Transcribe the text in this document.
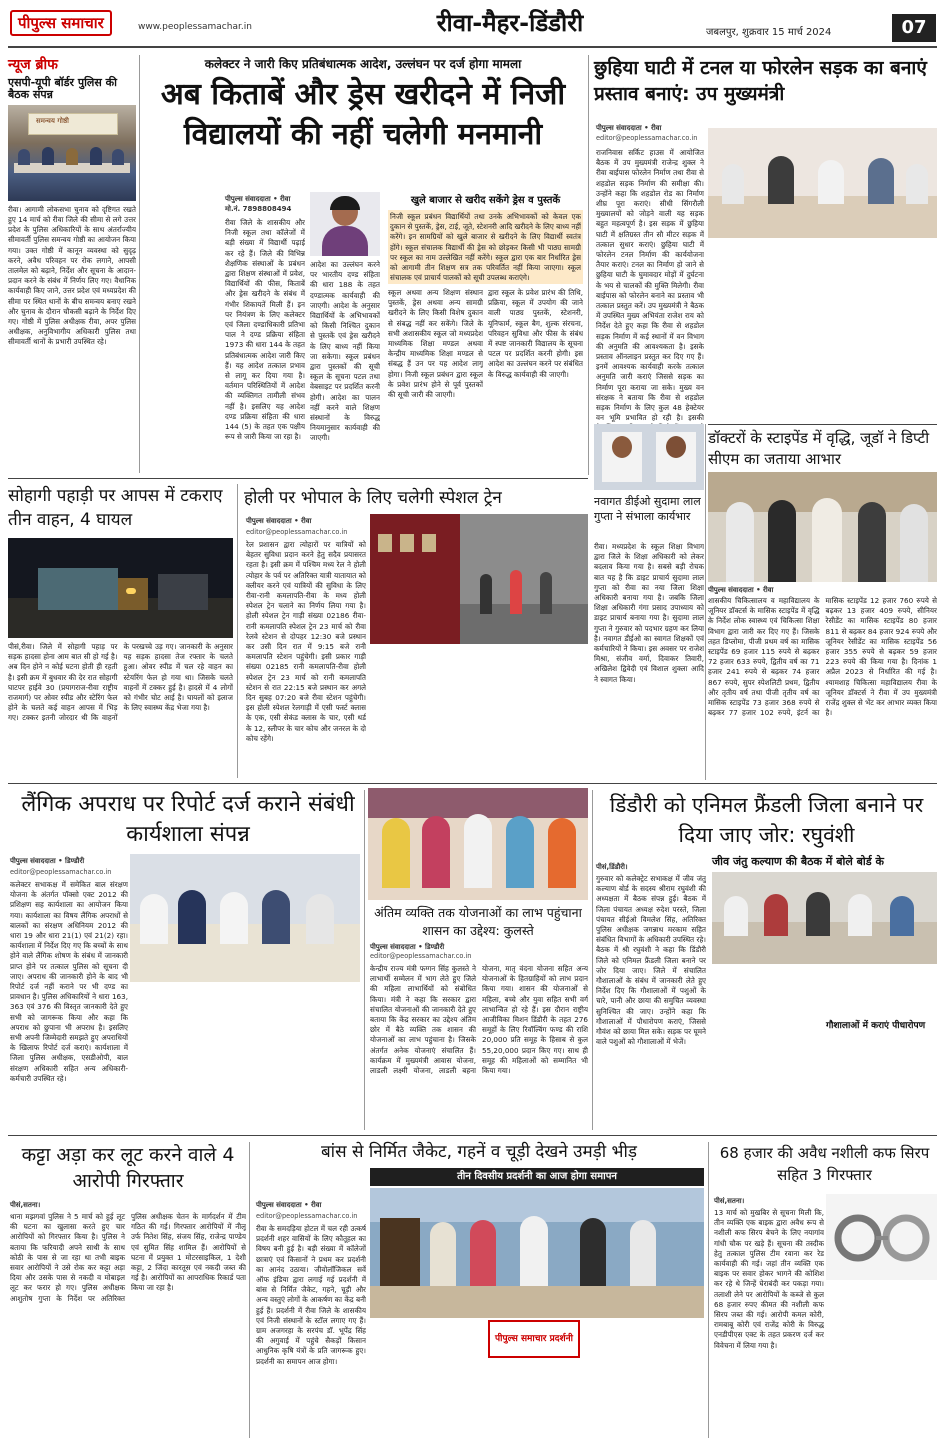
पीपुल्स समाचार	www.peoplessamachar.in	रीवा-मैहर-डिंडौरी	जबलपुर, शुक्रवार 15 मार्च 2024	07
न्यूज ब्रीफ
एसपी-यूपी बॉर्डर पुलिस की बैठक संपन्न
समन्वय गोष्ठी
रीवा। आगामी लोकसभा चुनाव को दृष्टिगत रखते हुए 14 मार्च को रीवा जिले की सीमा से लगे उत्तर प्रदेश के पुलिस अधिकारियों के साथ अंतर्राज्यीय सीमावर्ती पुलिस समन्वय गोष्ठी का आयोजन किया गया। उक्त गोष्ठी में कानून व्यवस्था को सुदृढ़ करने, अवैध परिवहन पर रोक लगाने, आपसी तालमेल को बढ़ाने, निर्देश और सूचना के आदान-प्रदान करने के संबंध में निर्णय लिए गए। वैधानिक कार्यवाही किए जाने, उत्तर प्रदेश एवं मध्यप्रदेश की सीमा पर स्थित थानों के बीच समन्वय बनाए रखने और चुनाव के दौरान चौकसी बढ़ाने के निर्देश दिए गए। गोष्ठी में पुलिस अधीक्षक रीवा, अपर पुलिस अधीक्षक, अनुविभागीय अधिकारी पुलिस तथा सीमावर्ती थानों के प्रभारी उपस्थित रहे।
कलेक्टर ने जारी किए प्रतिबंधात्मक आदेश, उल्लंघन पर दर्ज होगा मामला
अब किताबें और ड्रेस खरीदने में निजी विद्यालयों की नहीं चलेगी मनमानी
पीपुल्स संवाददाता • रीवा
मो.नं. 7898808494
रीवा जिले के शासकीय और निजी स्कूल तथा कॉलेजों में बड़ी संख्या में विद्यार्थी पढ़ाई कर रहे हैं। जिले की विभिन्न शैक्षणिक संस्थाओं के प्रबंधन द्वारा शिक्षण संस्थाओं में प्रवेश, विद्यार्थियों की फीस, किताबें और ड्रेस खरीदने के संबंध में गंभीर शिकायतें मिली हैं। इन पर नियंत्रण के लिए कलेक्टर एवं जिला दण्डाधिकारी प्रतिभा पाल ने दण्ड प्रक्रिया संहिता 1973 की धारा 144 के तहत प्रतिबंधात्मक आदेश जारी किए हैं। यह आदेश तत्काल प्रभाव से लागू कर दिया गया है। वर्तमान परिस्थितियों में आदेश की व्यक्तिगत तामीली संभव नहीं है। इसलिए यह आदेश दण्ड प्रक्रिया संहिता की धारा 144 (5) के तहत एक पक्षीय रूप से जारी किया जा रहा है।
आदेश का उल्लंघन करने पर भारतीय दण्ड संहिता की धारा 188 के तहत दण्डात्मक कार्यवाही की जाएगी। आदेश के अनुसार विद्यार्थियों के अभिभावकों को किसी निश्चित दुकान से पुस्तकें एवं ड्रेस खरीदने के लिए बाध्य नहीं किया जा सकेगा। स्कूल प्रबंधन द्वारा पुस्तकों की सूची स्कूल के सूचना पटल तथा वेबसाइट पर प्रदर्शित करनी होगी। आदेश का पालन नहीं करने वाले शिक्षण संस्थानों के विरुद्ध नियमानुसार कार्यवाही की जाएगी।
खुले बाजार से खरीद सकेंगे ड्रेस व पुस्तकें
निजी स्कूल प्रबंधन विद्यार्थियों तथा उनके अभिभावकों को केवल एक दुकान से पुस्तकें, ड्रेस, टाई, जूते, स्टेशनरी आदि खरीदने के लिए बाध्य नहीं करेंगे। इन सामग्रियों को खुले बाजार से खरीदने के लिए विद्यार्थी स्वतंत्र होंगे। स्कूल संचालक विद्यार्थी की ड्रेस को छोड़कर किसी भी पाठ्य सामग्री पर स्कूल का नाम उल्लेखित नहीं करेंगे। स्कूल द्वारा एक बार निर्धारित ड्रेस को आगामी तीन शिक्षण सत्र तक परिवर्तित नहीं किया जाएगा। स्कूल संचालक एवं प्राचार्य पालकों को सूची उपलब्ध कराएंगे।
स्कूल अथवा अन्य शिक्षण संस्थान पुस्तकें, ड्रेस अथवा अन्य सामग्री खरीदने के लिए किसी विशेष दुकान से संबद्ध नहीं कर सकेंगे। जिले के सभी अशासकीय स्कूल जो मध्यप्रदेश माध्यमिक शिक्षा मण्डल अथवा केन्द्रीय माध्यमिक शिक्षा मण्डल से संबद्ध हैं उन पर यह आदेश लागू होगा। निजी स्कूल प्रबंधन द्वारा स्कूल के प्रवेश प्रारंभ होने से पूर्व पुस्तकों की सूची जारी की जाएगी।
द्वारा स्कूल के प्रवेश प्रारंभ की तिथि, प्रक्रिया, स्कूल में उपयोग की जाने वाली पाठ्य पुस्तकें, स्टेशनरी, यूनिफार्म, स्कूल बैग, शुल्क संरचना, परिवहन सुविधा और फीस के संबंध में स्पष्ट जानकारी विद्यालय के सूचना पटल पर प्रदर्शित करनी होगी। इस आदेश का उल्लंघन करने पर संबंधित के विरुद्ध कार्यवाही की जाएगी।
छुहिया घाटी में टनल या फोरलेन सड़क का बनाएं प्रस्ताव बनाएं: उप मुख्यमंत्री
पीपुल्स संवाददाता • रीवा
editor@peoplessamachar.co.in
राजनिवास सर्किट हाउस में आयोजित बैठक में उप मुख्यमंत्री राजेन्द्र शुक्ल ने रीवा बाईपास फोरलेन निर्माण तथा रीवा से शहडोल सड़क निर्माण की समीक्षा की। उन्होंने कहा कि शहडोल रोड का निर्माण शीघ्र पूरा कराएं। सीधी सिंगरौली मुख्यालयों को जोड़ने वाली यह सड़क बहुत महत्वपूर्ण है। इस सड़क में छुहिया घाटी में क्षतिग्रस्त तीन सौ मीटर सड़क में तत्काल सुधार कराएं। छुहिया घाटी में फोरलेन टनल निर्माण की कार्ययोजना तैयार कराएं। टनल का निर्माण हो जाने से छुहिया घाटी के घुमावदार मोड़ों में दुर्घटना के भय से चालकों की मुक्ति मिलेगी। रीवा बाईपास को फोरलेन बनाने का प्रस्ताव भी तत्काल प्रस्तुत करें। उप मुख्यमंत्री ने बैठक में उपस्थित मुख्य अभियंता राजेश राय को निर्देश देते हुए कहा कि रीवा से शहडोल सड़क निर्माण में कई स्थानों में वन विभाग की अनुमति की आवश्यकता है। इसके प्रस्ताव ऑनलाइन प्रस्तुत कर दिए गए हैं। इनमें आवश्यक कार्यवाही करके तत्काल अनुमति जारी कराएं जिससे सड़क का निर्माण पूरा कराया जा सके। मुख्य वन संरक्षक ने बताया कि रीवा से शहडोल सड़क निर्माण के लिए कुल 48 हेक्टेयर वन भूमि प्रभावित हो रही है। इसकी
डॉक्टरों के स्टाइपेंड में वृद्धि, जूडॉ ने डिप्टी सीएम का जताया आभार
पीपुल्स संवाददाता • रीवा
शासकीय चिकित्सालय व महाविद्यालय के जूनियर डॉक्टर्स के मासिक स्टाइपेंड में वृद्धि के निर्देश लोक स्वास्थ्य एवं चिकित्सा शिक्षा विभाग द्वारा जारी कर दिए गए हैं। जिसके तहत डिप्लोमा, पीजी प्रथम वर्ष का मासिक स्टाइपेंड 69 हजार 115 रुपये से बढ़कर 72 हजार 633 रुपये, द्वितीय वर्ष का 71 हजार 241 रुपये से बढ़कर 74 हजार 867 रुपये, सुपर स्पेशलिटी प्रथम, द्वितीय और तृतीय वर्ष तथा पीजी तृतीय वर्ष का मासिक स्टाइपेंड 73 हजार 368 रुपये से बढ़कर 77 हजार 102 रुपये, इंटर्न का मासिक स्टाइपेंड 12 हजार 760 रुपये से बढ़कर 13 हजार 409 रुपये, सीनियर रेसीडेंट का मासिक स्टाइपेंड 80 हजार 811 से बढ़कर 84 हजार 924 रुपये और जूनियर रेसीडेंट का मासिक स्टाइपेंड 56 हजार 355 रुपये से बढ़कर 59 हजार 223 रुपये की किया गया है। दिनांक 1 अप्रैल 2023 से निर्धारित की गई है। श्यामशाह चिकित्सा महाविद्यालय रीवा के जूनियर डॉक्टर्स ने रीवा में उप मुख्यमंत्री राजेंद्र शुक्ल से भेंट कर आभार व्यक्त किया है।
नवागत डीईओ सुदामा लाल गुप्ता ने संभाला कार्यभार
रीवा। मध्यप्रदेश के स्कूल शिक्षा विभाग द्वारा जिले के शिक्षा अधिकारी को लेकर बदलाव किया गया है। सबसे बड़ी रोचक बात यह है कि डाइट प्राचार्य सुदामा लाल गुप्ता को रीवा का नया जिला शिक्षा अधिकारी बनाया गया है। जबकि जिला शिक्षा अधिकारी गंगा प्रसाद उपाध्याय को डाइट प्राचार्य बनाया गया है। सुदामा लाल गुप्ता ने गुरुवार को पदभार ग्रहण कर लिया है। नवागत डीईओ का स्वागत शिक्षकों एवं कर्मचारियों ने किया। इस अवसर पर राजेश मिश्रा, संजीव वर्मा, दिवाकर तिवारी, अखिलेश द्विवेदी एवं विशाल शुक्ला आदि ने स्वागत किया।
सोहागी पहाड़ी पर आपस में टकराए तीन वाहन, 4 घायल
पीसं,रीवा। जिले में सोहागी पहाड़ पर सड़क हादसा होना आम बात सी हो गई है। अब दिन होने न कोई घटना होती ही रहती है। इसी क्रम में बुधवार की देर रात सोहागी घाटपर हाईवे 30 (प्रयागराज-रीवा राष्ट्रीय राजमार्ग) पर ओवर स्पीड और स्टेरिंग फेल होने के चलते कई वाहन आपस में भिड़ गए। टक्कर इतनी जोरदार थी कि वाहनों के परखच्चे उड़ गए। जानकारी के अनुसार यह सड़क हादसा तेज रफ्तार के चलते हुआ। ओवर स्पीड में चल रहे वाहन का स्टेयरिंग फेल हो गया था। जिसके चलते वाहनों में टक्कर हुई है। हादसे में 4 लोगों को गंभीर चोट आई है। घायलों को इलाज के लिए स्वास्थ्य केंद्र भेजा गया है।
होली पर भोपाल के लिए चलेगी स्पेशल ट्रेन
पीपुल्स संवाददाता • रीवा
editor@peoplessamachar.co.in
रेल प्रशासन द्वारा त्योहारों पर यात्रियों को बेहतर सुविधा प्रदान करने हेतु सदैव प्रयासरत रहता है। इसी क्रम में पश्चिम मध्य रेल ने होली त्योहार के पर्व पर अतिरिक्त यात्री यातायात को क्लीयर करने एवं यात्रियों की सुविधा के लिए रीवा-रानी कमलापति-रीवा के मध्य होली स्पेशल ट्रेन चलाने का निर्णय लिया गया है। होली स्पेशल ट्रेन गाड़ी संख्या 02186 रीवा-रानी कमलापति स्पेशल ट्रेन 23 मार्च को रीवा रेलवे स्टेशन से दोपहर 12:30 बजे प्रस्थान कर उसी दिन रात में 9:15 बजे रानी कमलापति स्टेशन पहुंचेगी। इसी प्रकार गाड़ी संख्या 02185 रानी कमलापति-रीवा होली स्पेशल ट्रेन 23 मार्च को रानी कमलापति स्टेशन से रात 22:15 बजे प्रस्थान कर अगले दिन सुबह 07:20 बजे रीवा स्टेशन पहुंचेगी। इस होली स्पेशल रेलगाड़ी में एसी फर्स्ट क्लास के एक, एसी सेकंड क्लास के चार, एसी थर्ड के 12, स्लीपर के चार कोच और जनरल के दो कोच रहेंगे।
लैंगिक अपराध पर रिपोर्ट दर्ज कराने संबंधी कार्यशाला संपन्न
पीपुल्स संवाददाता • डिण्डौरी
editor@peoplessamachar.co.in
कलेक्टर सभाकक्ष में समेकित बाल संरक्षण योजना के अंतर्गत पॉक्सो एक्ट 2012 की प्रशिक्षण सह कार्यशाला का आयोजन किया गया। कार्यशाला का विषय लैंगिक अपराधों से बालकों का संरक्षण अधिनियम 2012 की धारा 19 और धारा 21(1) एवं 21(2) रहा। कार्यशाला में निर्देश दिए गए कि बच्चों के साथ होने वाले लैंगिक शोषण के संबंध में जानकारी प्राप्त होने पर तत्काल पुलिस को सूचना दी जाए। अपराध की जानकारी होने के बाद भी रिपोर्ट दर्ज नहीं कराने पर भी दण्ड का प्रावधान है। पुलिस अधिकारियों ने धारा 163, 363 एवं 376 की विस्तृत जानकारी देते हुए सभी को जागरूक किया और कहा कि अपराध को छुपाना भी अपराध है। इसलिए सभी अपनी जिम्मेदारी समझते हुए अपराधियों के खिलाफ रिपोर्ट दर्ज कराएं। कार्यशाला में जिला पुलिस अधीक्षक, एसडीओपी, बाल संरक्षण अधिकारी सहित अन्य अधिकारी-कर्मचारी उपस्थित रहे।
अंतिम व्यक्ति तक योजनाओं का लाभ पहुंचाना शासन का उद्देश्य: कुलस्ते
पीपुल्स संवाददाता • डिण्डौरी
editor@peoplessamachar.co.in
केन्द्रीय राज्य मंत्री फग्गन सिंह कुलस्ते ने लाभार्थी सम्मेलन में भाग लेते हुए जिले की महिला लाभार्थियों को संबोधित किया। मंत्री ने कहा कि सरकार द्वारा संचालित योजनाओं की जानकारी देते हुए बताया कि केंद्र सरकार का उद्देश्य अंतिम छोर में बैठे व्यक्ति तक शासन की योजनाओं का लाभ पहुंचाना है। जिसके अंतर्गत अनेक योजनाएं संचालित हैं। कार्यक्रम में मुख्यमंत्री आवास योजना, लाडली लक्ष्मी योजना, लाडली बहना योजना, मातृ वंदना योजना सहित अन्य योजनाओं के हितग्राहियों को लाभ प्रदान किया गया। शासन की योजनाओं से महिला, बच्चे और युवा सहित सभी वर्ग लाभान्वित हो रहे हैं। इस दौरान राष्ट्रीय आजीविका मिशन डिंडौरी के तहत 276 समूहों के लिए रिवॉल्विंग फण्ड की राशि 20,000 प्रति समूह के हिसाब से कुल 55,20,000 प्रदान किए गए। साथ ही समूह की महिलाओं को सम्मानित भी किया गया।
डिंडौरी को एनिमल फ्रैंडली जिला बनाने पर दिया जाए जोर: रघुवंशी
जीव जंतु कल्याण की बैठक में बोले बोर्ड के
पीसं,डिंडौरी।
गुरुवार को कलेक्ट्रेट सभाकक्ष में जीव जंतु कल्याण बोर्ड के सदस्य श्रीराम रघुवंशी की अध्यक्षता में बैठक संपन्न हुई। बैठक में जिला पंचायत अध्यक्ष रुदेश परस्ते, जिला पंचायत सीईओ विमलेश सिंह, अतिरिक्त पुलिस अधीक्षक जगन्नाथ मरकाम सहित संबंधित विभागों के अधिकारी उपस्थित रहे। बैठक में श्री रघुवंशी ने कहा कि डिंडौरी जिले को एनिमल फ्रैंडली जिला बनाने पर जोर दिया जाए। जिले में संचालित गौशालाओं के संबंध में जानकारी लेते हुए निर्देश दिए कि गौशालाओं में पशुओं के चारे, पानी और छाया की समुचित व्यवस्था सुनिश्चित की जाए। उन्होंने कहा कि गौशालाओं में पौधारोपण कराएं, जिससे गौवंश को छाया मिल सके। सड़क पर घूमने वाले पशुओं को गौशालाओं में भेजें।
गौशालाओं में कराएं पीधारोपण
कट्टा अड़ा कर लूट करने वाले 4 आरोपी गिरफ्तार
पीसं,सतना।
थाना मझगवां पुलिस ने 5 मार्च को हुई लूट की घटना का खुलासा करते हुए चार आरोपियों को गिरफ्तार किया है। पुलिस ने बताया कि फरियादी अपने साथी के साथ कोठी के पास से जा रहा था तभी बाइक सवार आरोपियों ने उसे रोक कर कट्टा अड़ा दिया और उसके पास से नकदी व मोबाइल लूट कर फरार हो गए। पुलिस अधीक्षक आशुतोष गुप्ता के निर्देश पर अतिरिक्त पुलिस अधीक्षक चेतन के मार्गदर्शन में टीम गठित की गई। गिरफ्तार आरोपियों में नीलू उर्फ नितेश सिंह, संजय सिंह, राजेन्द्र पाण्डेय एवं सुमित सिंह शामिल हैं। आरोपियों से घटना में प्रयुक्त 1 मोटरसाइकिल, 1 देशी कट्टा, 2 जिंदा कारतूस एवं नकदी जब्त की गई है। आरोपियों का आपराधिक रिकार्ड पता किया जा रहा है।
बांस से निर्मित जैकेट, गहनें व चूड़ी देखने उमड़ी भीड़
पीपुल्स संवाददाता • रीवा
editor@peoplessamachar.co.in
तीन दिवसीय प्रदर्शनी का आज होगा समापन
पीपुल्स समाचार प्रदर्शनी
रीवा के समदड़िया होटल में चल रही उत्कर्ष प्रदर्शनी शहर वासियों के लिए कौतूहल का विषय बनी हुई है। बड़ी संख्या में कॉलेजों छात्राएं एवं किसानों ने प्रथम कर प्रदर्शनी का आनंद उठाया। जीवोलॉजिकल सर्वे ऑफ इंडिया द्वारा लगाई गई प्रदर्शनी में बांस से निर्मित जैकेट, गहने, चूड़ी और अन्य वस्तुएं लोगों के आकर्षण का केंद्र बनी हुई हैं। प्रदर्शनी में रीवा जिले के शासकीय एवं निजी संस्थानों के स्टॉल लगाए गए हैं। ग्राम अजगरहा के सरपंच डॉ. भूपेंद्र सिंह की अगुवाई में पहुंचे सैकड़ों किसान आधुनिक कृषि यंत्रों के प्रति जागरूक हुए। प्रदर्शनी का समापन आज होगा।
68 हजार की अवैध नशीली कफ सिरप सहित 3 गिरफ्तार
पीसं,सतना।
13 मार्च को मुखबिर से सूचना मिली कि, तीन व्यक्ति एक बाइक द्वारा अवैध रूप से नशीली कफ सिरप बेचने के लिए नयागांव गांधी चौक पर खड़े हैं। सूचना की तस्दीक हेतु तत्काल पुलिस टीम रवाना कर रेड कार्यवाही की गई। जहां तीन व्यक्ति एक बाइक पर सवार होकर भागने की कोशिश कर रहे थे जिन्हें घेराबंदी कर पकड़ा गया। तलाशी लेने पर आरोपियों के कब्जे से कुल 68 हजार रुपए कीमत की नशीली कफ सिरप जब्त की गई। आरोपी कमल कोरी, रामबाबू कोरी एवं राजेंद्र कोरी के विरुद्ध एनडीपीएस एक्ट के तहत प्रकरण दर्ज कर विवेचना में लिया गया है।
